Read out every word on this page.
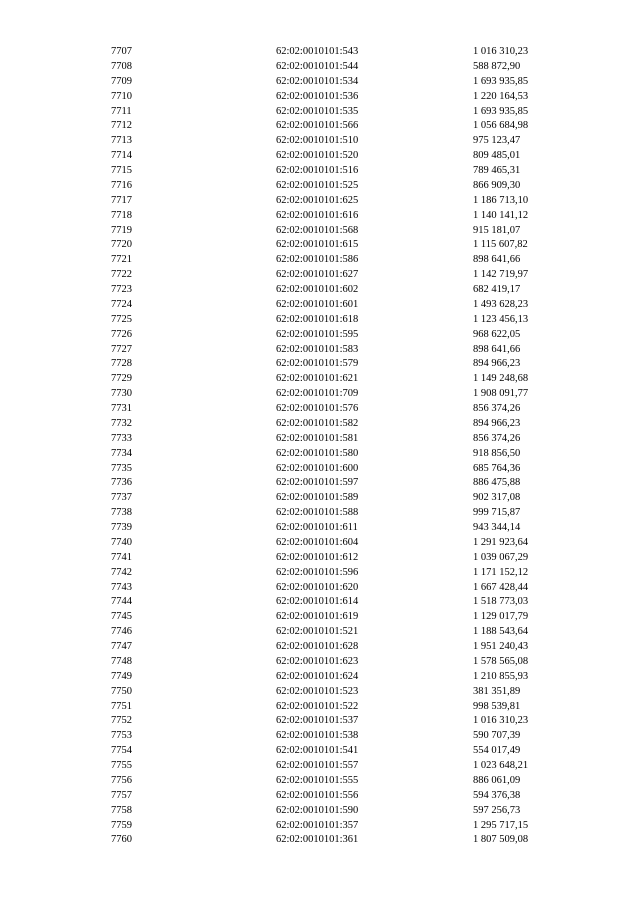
7707	62:02:0010101:543	1 016 310,23
7708	62:02:0010101:544	588 872,90
7709	62:02:0010101:534	1 693 935,85
7710	62:02:0010101:536	1 220 164,53
7711	62:02:0010101:535	1 693 935,85
7712	62:02:0010101:566	1 056 684,98
7713	62:02:0010101:510	975 123,47
7714	62:02:0010101:520	809 485,01
7715	62:02:0010101:516	789 465,31
7716	62:02:0010101:525	866 909,30
7717	62:02:0010101:625	1 186 713,10
7718	62:02:0010101:616	1 140 141,12
7719	62:02:0010101:568	915 181,07
7720	62:02:0010101:615	1 115 607,82
7721	62:02:0010101:586	898 641,66
7722	62:02:0010101:627	1 142 719,97
7723	62:02:0010101:602	682 419,17
7724	62:02:0010101:601	1 493 628,23
7725	62:02:0010101:618	1 123 456,13
7726	62:02:0010101:595	968 622,05
7727	62:02:0010101:583	898 641,66
7728	62:02:0010101:579	894 966,23
7729	62:02:0010101:621	1 149 248,68
7730	62:02:0010101:709	1 908 091,77
7731	62:02:0010101:576	856 374,26
7732	62:02:0010101:582	894 966,23
7733	62:02:0010101:581	856 374,26
7734	62:02:0010101:580	918 856,50
7735	62:02:0010101:600	685 764,36
7736	62:02:0010101:597	886 475,88
7737	62:02:0010101:589	902 317,08
7738	62:02:0010101:588	999 715,87
7739	62:02:0010101:611	943 344,14
7740	62:02:0010101:604	1 291 923,64
7741	62:02:0010101:612	1 039 067,29
7742	62:02:0010101:596	1 171 152,12
7743	62:02:0010101:620	1 667 428,44
7744	62:02:0010101:614	1 518 773,03
7745	62:02:0010101:619	1 129 017,79
7746	62:02:0010101:521	1 188 543,64
7747	62:02:0010101:628	1 951 240,43
7748	62:02:0010101:623	1 578 565,08
7749	62:02:0010101:624	1 210 855,93
7750	62:02:0010101:523	381 351,89
7751	62:02:0010101:522	998 539,81
7752	62:02:0010101:537	1 016 310,23
7753	62:02:0010101:538	590 707,39
7754	62:02:0010101:541	554 017,49
7755	62:02:0010101:557	1 023 648,21
7756	62:02:0010101:555	886 061,09
7757	62:02:0010101:556	594 376,38
7758	62:02:0010101:590	597 256,73
7759	62:02:0010101:357	1 295 717,15
7760	62:02:0010101:361	1 807 509,08
